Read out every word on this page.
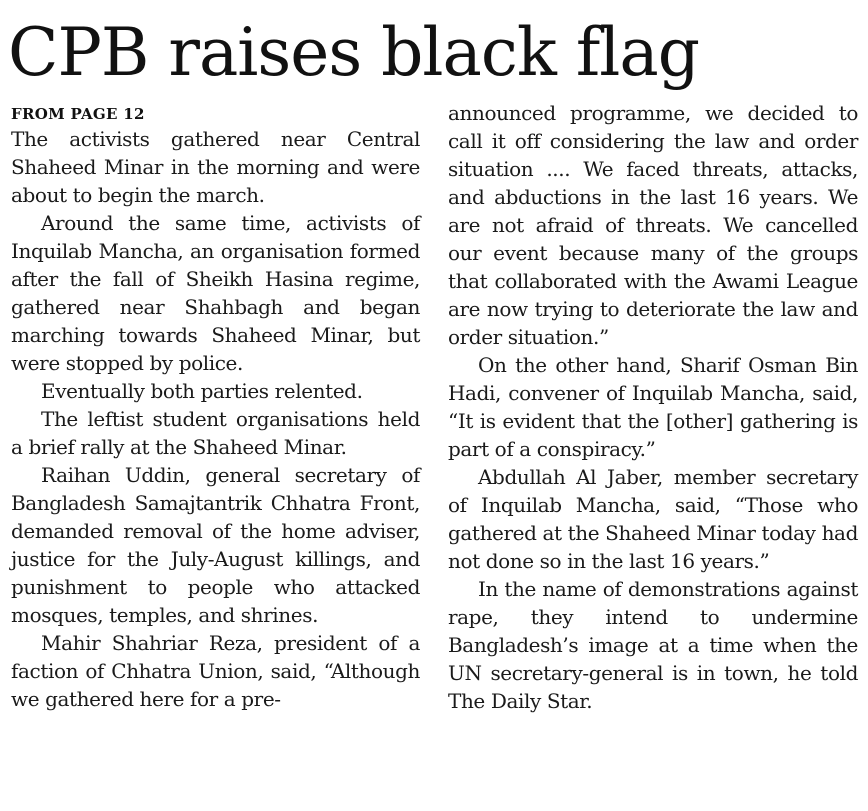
CPB raises black flag
FROM PAGE 12

The activists gathered near Central Shaheed Minar in the morning and were about to begin the march.

Around the same time, activists of Inquilab Mancha, an organisation formed after the fall of Sheikh Hasina regime, gathered near Shahbagh and began marching towards Shaheed Minar, but were stopped by police.

Eventually both parties relented.

The leftist student organisations held a brief rally at the Shaheed Minar.

Raihan Uddin, general secretary of Bangladesh Samajtantrik Chhatra Front, demanded removal of the home adviser, justice for the July-August killings, and punishment to people who attacked mosques, temples, and shrines.

Mahir Shahriar Reza, president of a faction of Chhatra Union, said, “Although we gathered here for a pre-

announced programme, we decided to call it off considering the law and order situation .... We faced threats, attacks, and abductions in the last 16 years. We are not afraid of threats. We cancelled our event because many of the groups that collaborated with the Awami League are now trying to deteriorate the law and order situation.”

On the other hand, Sharif Osman Bin Hadi, convener of Inquilab Mancha, said, “It is evident that the [other] gathering is part of a conspiracy.”

Abdullah Al Jaber, member secretary of Inquilab Mancha, said, “Those who gathered at the Shaheed Minar today had not done so in the last 16 years.”

In the name of demonstrations against rape, they intend to undermine Bangladesh’s image at a time when the UN secretary-general is in town, he told The Daily Star.
